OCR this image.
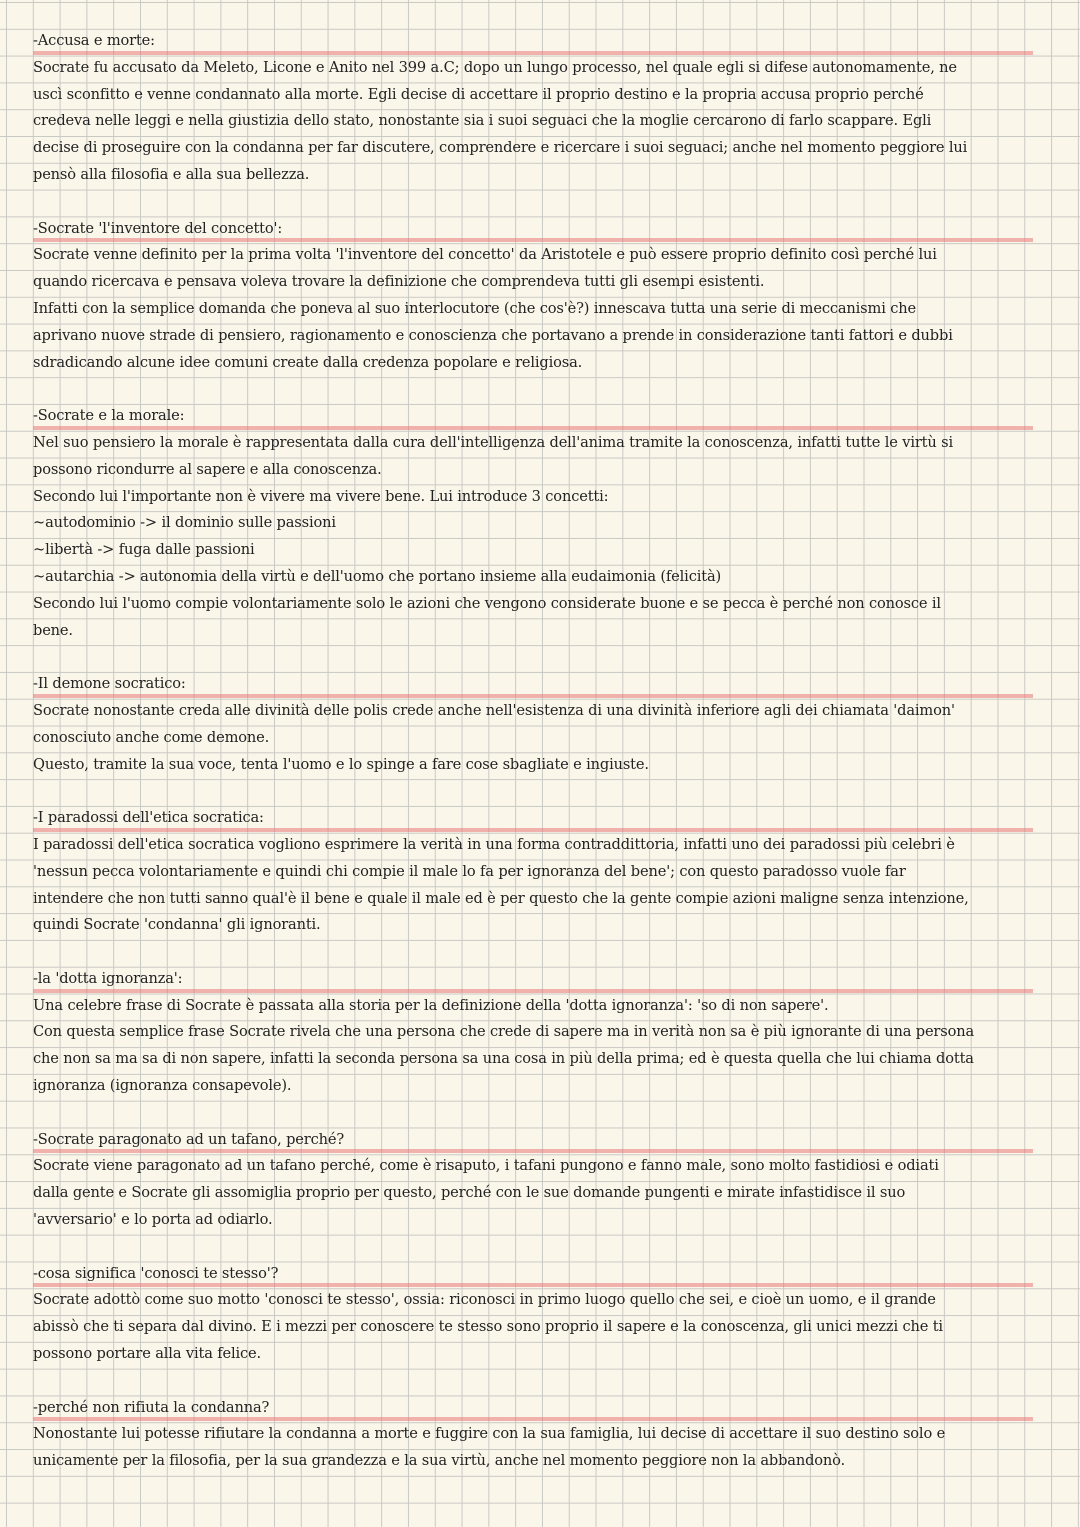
-Accusa e morte:
Socrate fu accusato da Meleto, Licone e Anito nel 399 a.C; dopo un lungo processo, nel quale egli si difese autonomamente, ne
uscì sconfitto e venne condannato alla morte. Egli decise di accettare il proprio destino e la propria accusa proprio perché
credeva nelle leggi e nella giustizia dello stato, nonostante sia i suoi seguaci che la moglie cercarono di farlo scappare. Egli
decise di proseguire con la condanna per far discutere, comprendere e ricercare i suoi seguaci; anche nel momento peggiore lui
pensò alla filosofia e alla sua bellezza.
-Socrate 'l'inventore del concetto':
Socrate venne definito per la prima volta 'l'inventore del concetto' da Aristotele e può essere proprio definito così perché lui
quando ricercava e pensava voleva trovare la definizione che comprendeva tutti gli esempi esistenti.
Infatti con la semplice domanda che poneva al suo interlocutore (che cos'è?) innescava tutta una serie di meccanismi che
aprivano nuove strade di pensiero, ragionamento e conoscienza che portavano a prende in considerazione tanti fattori e dubbi
sdradicando alcune idee comuni create dalla credenza popolare e religiosa.
-Socrate e la morale:
Nel suo pensiero la morale è rappresentata dalla cura dell'intelligenza dell'anima tramite la conoscenza, infatti tutte le virtù si
possono ricondurre al sapere e alla conoscenza.
Secondo lui l'importante non è vivere ma vivere bene. Lui introduce 3 concetti:
~autodominio -> il dominio sulle passioni
~libertà -> fuga dalle passioni
~autarchia -> autonomia della virtù e dell'uomo che portano insieme alla eudaimonia (felicità)
Secondo lui l'uomo compie volontariamente solo le azioni che vengono considerate buone e se pecca è perché non conosce il
bene.
-Il demone socratico:
Socrate nonostante creda alle divinità delle polis crede anche nell'esistenza di una divinità inferiore agli dei chiamata 'daimon'
conosciuto anche come demone.
Questo, tramite la sua voce, tenta l'uomo e lo spinge a fare cose sbagliate e ingiuste.
-I paradossi dell'etica socratica:
I paradossi dell'etica socratica vogliono esprimere la verità in una forma contraddittoria, infatti uno dei paradossi più celebri è
'nessun pecca volontariamente e quindi chi compie il male lo fa per ignoranza del bene'; con questo paradosso vuole far
intendere che non tutti sanno qual'è il bene e quale il male ed è per questo che la gente compie azioni maligne senza intenzione,
quindi Socrate 'condanna' gli ignoranti.
-la 'dotta ignoranza':
Una celebre frase di Socrate è passata alla storia per la definizione della 'dotta ignoranza': 'so di non sapere'.
Con questa semplice frase Socrate rivela che una persona che crede di sapere ma in verità non sa è più ignorante di una persona
che non sa ma sa di non sapere, infatti la seconda persona sa una cosa in più della prima; ed è questa quella che lui chiama dotta
ignoranza (ignoranza consapevole).
-Socrate paragonato ad un tafano, perché?
Socrate viene paragonato ad un tafano perché, come è risaputo, i tafani pungono e fanno male, sono molto fastidiosi e odiati
dalla gente e Socrate gli assomiglia proprio per questo, perché con le sue domande pungenti e mirate infastidisce il suo
'avversario' e lo porta ad odiarlo.
-cosa significa 'conosci te stesso'?
Socrate adottò come suo motto 'conosci te stesso', ossia: riconosci in primo luogo quello che sei, e cioè un uomo, e il grande
abissò che ti separa dal divino. E i mezzi per conoscere te stesso sono proprio il sapere e la conoscenza, gli unici mezzi che ti
possono portare alla vita felice.
-perché non rifiuta la condanna?
Nonostante lui potesse rifiutare la condanna a morte e fuggire con la sua famiglia, lui decise di accettare il suo destino solo e
unicamente per la filosofia, per la sua grandezza e la sua virtù, anche nel momento peggiore non la abbandonò.
